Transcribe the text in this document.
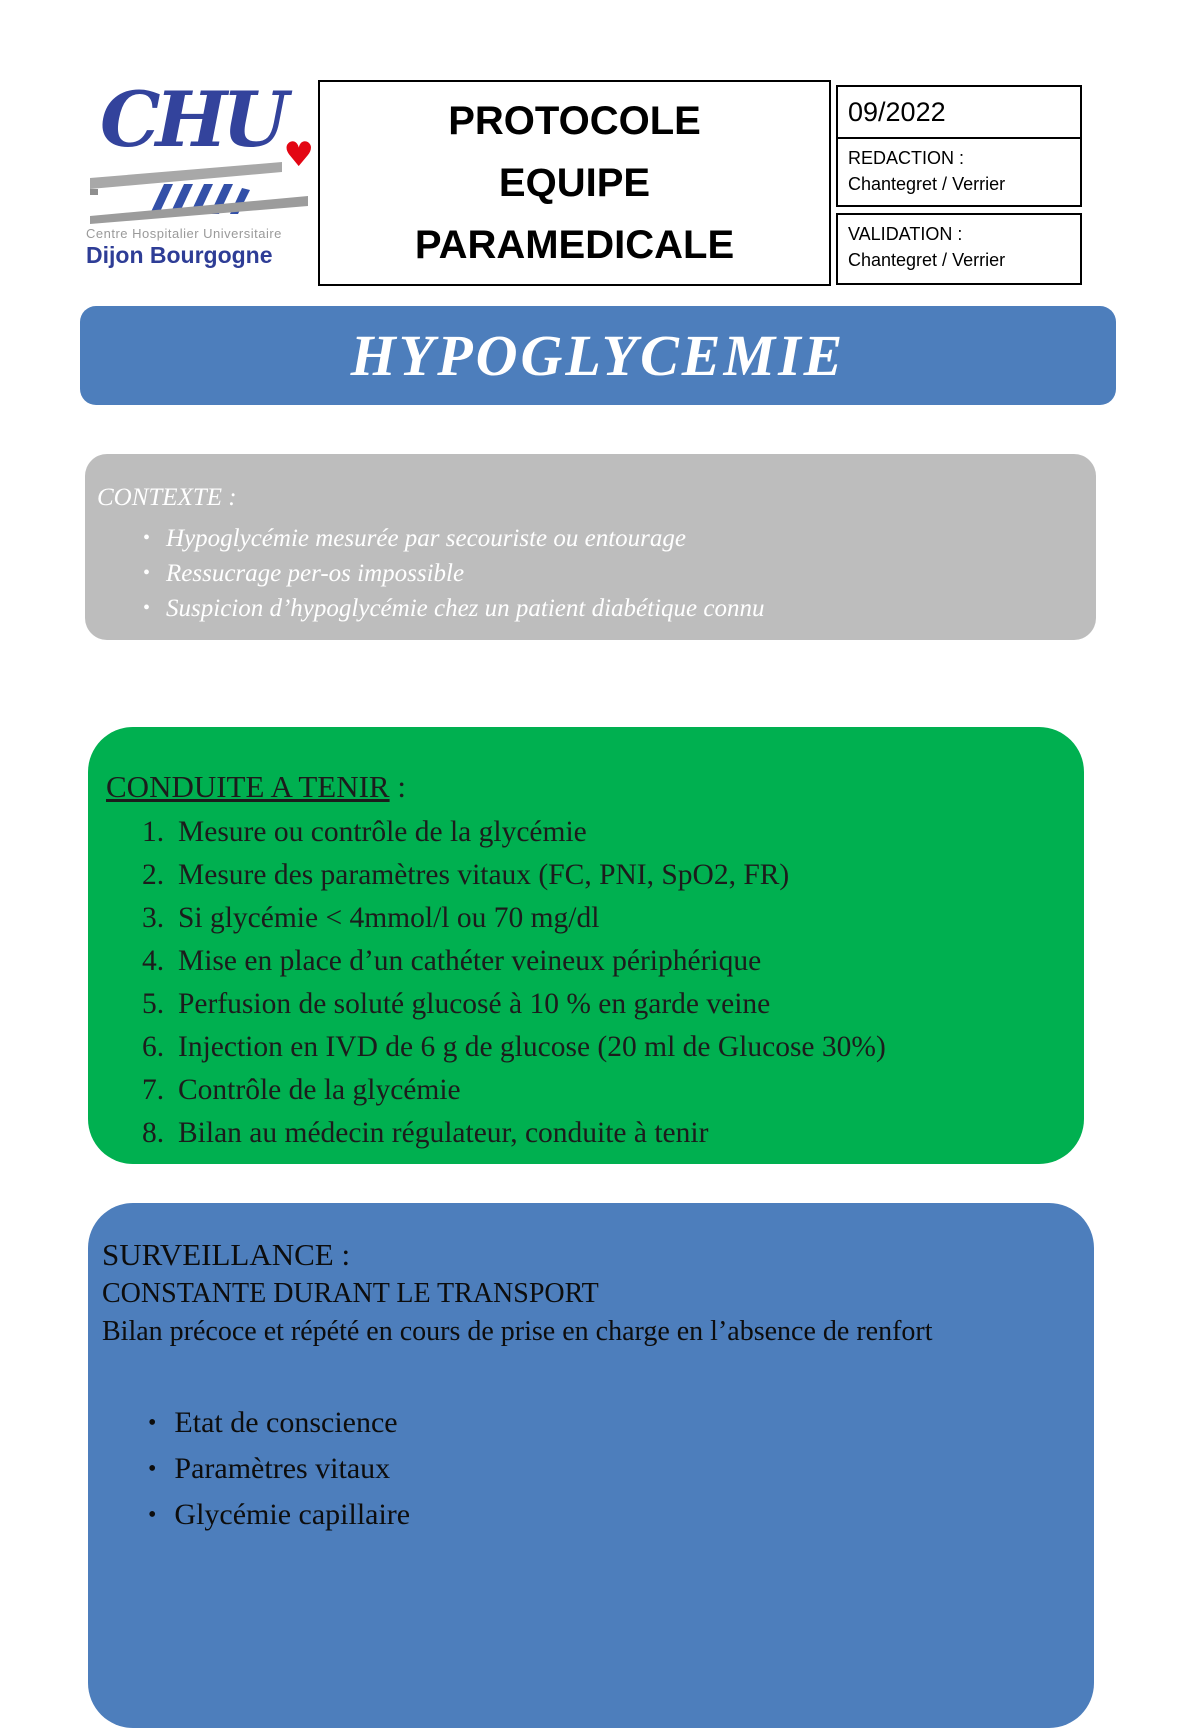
CHU ♥
Centre Hospitalier Universitaire
Dijon Bourgogne
PROTOCOLE
EQUIPE
PARAMEDICALE
09/2022
REDACTION :
Chantegret / Verrier
VALIDATION :
Chantegret / Verrier
HYPOGLYCEMIE
CONTEXTE :
• Hypoglycémie mesurée par secouriste ou entourage
• Ressucrage per-os impossible
• Suspicion d’hypoglycémie chez un patient diabétique connu
CONDUITE A TENIR :
1. Mesure ou contrôle de la glycémie
2. Mesure des paramètres vitaux (FC, PNI, SpO2, FR)
3. Si glycémie < 4mmol/l ou 70 mg/dl
4. Mise en place d’un cathéter veineux périphérique
5. Perfusion de soluté glucosé à 10 % en garde veine
6. Injection en IVD de 6 g de glucose (20 ml de Glucose 30%)
7. Contrôle de la glycémie
8. Bilan au médecin régulateur, conduite à tenir
SURVEILLANCE :
CONSTANTE DURANT LE TRANSPORT
Bilan précoce et répété en cours de prise en charge en l’absence de renfort
• Etat de conscience
• Paramètres vitaux
• Glycémie capillaire
